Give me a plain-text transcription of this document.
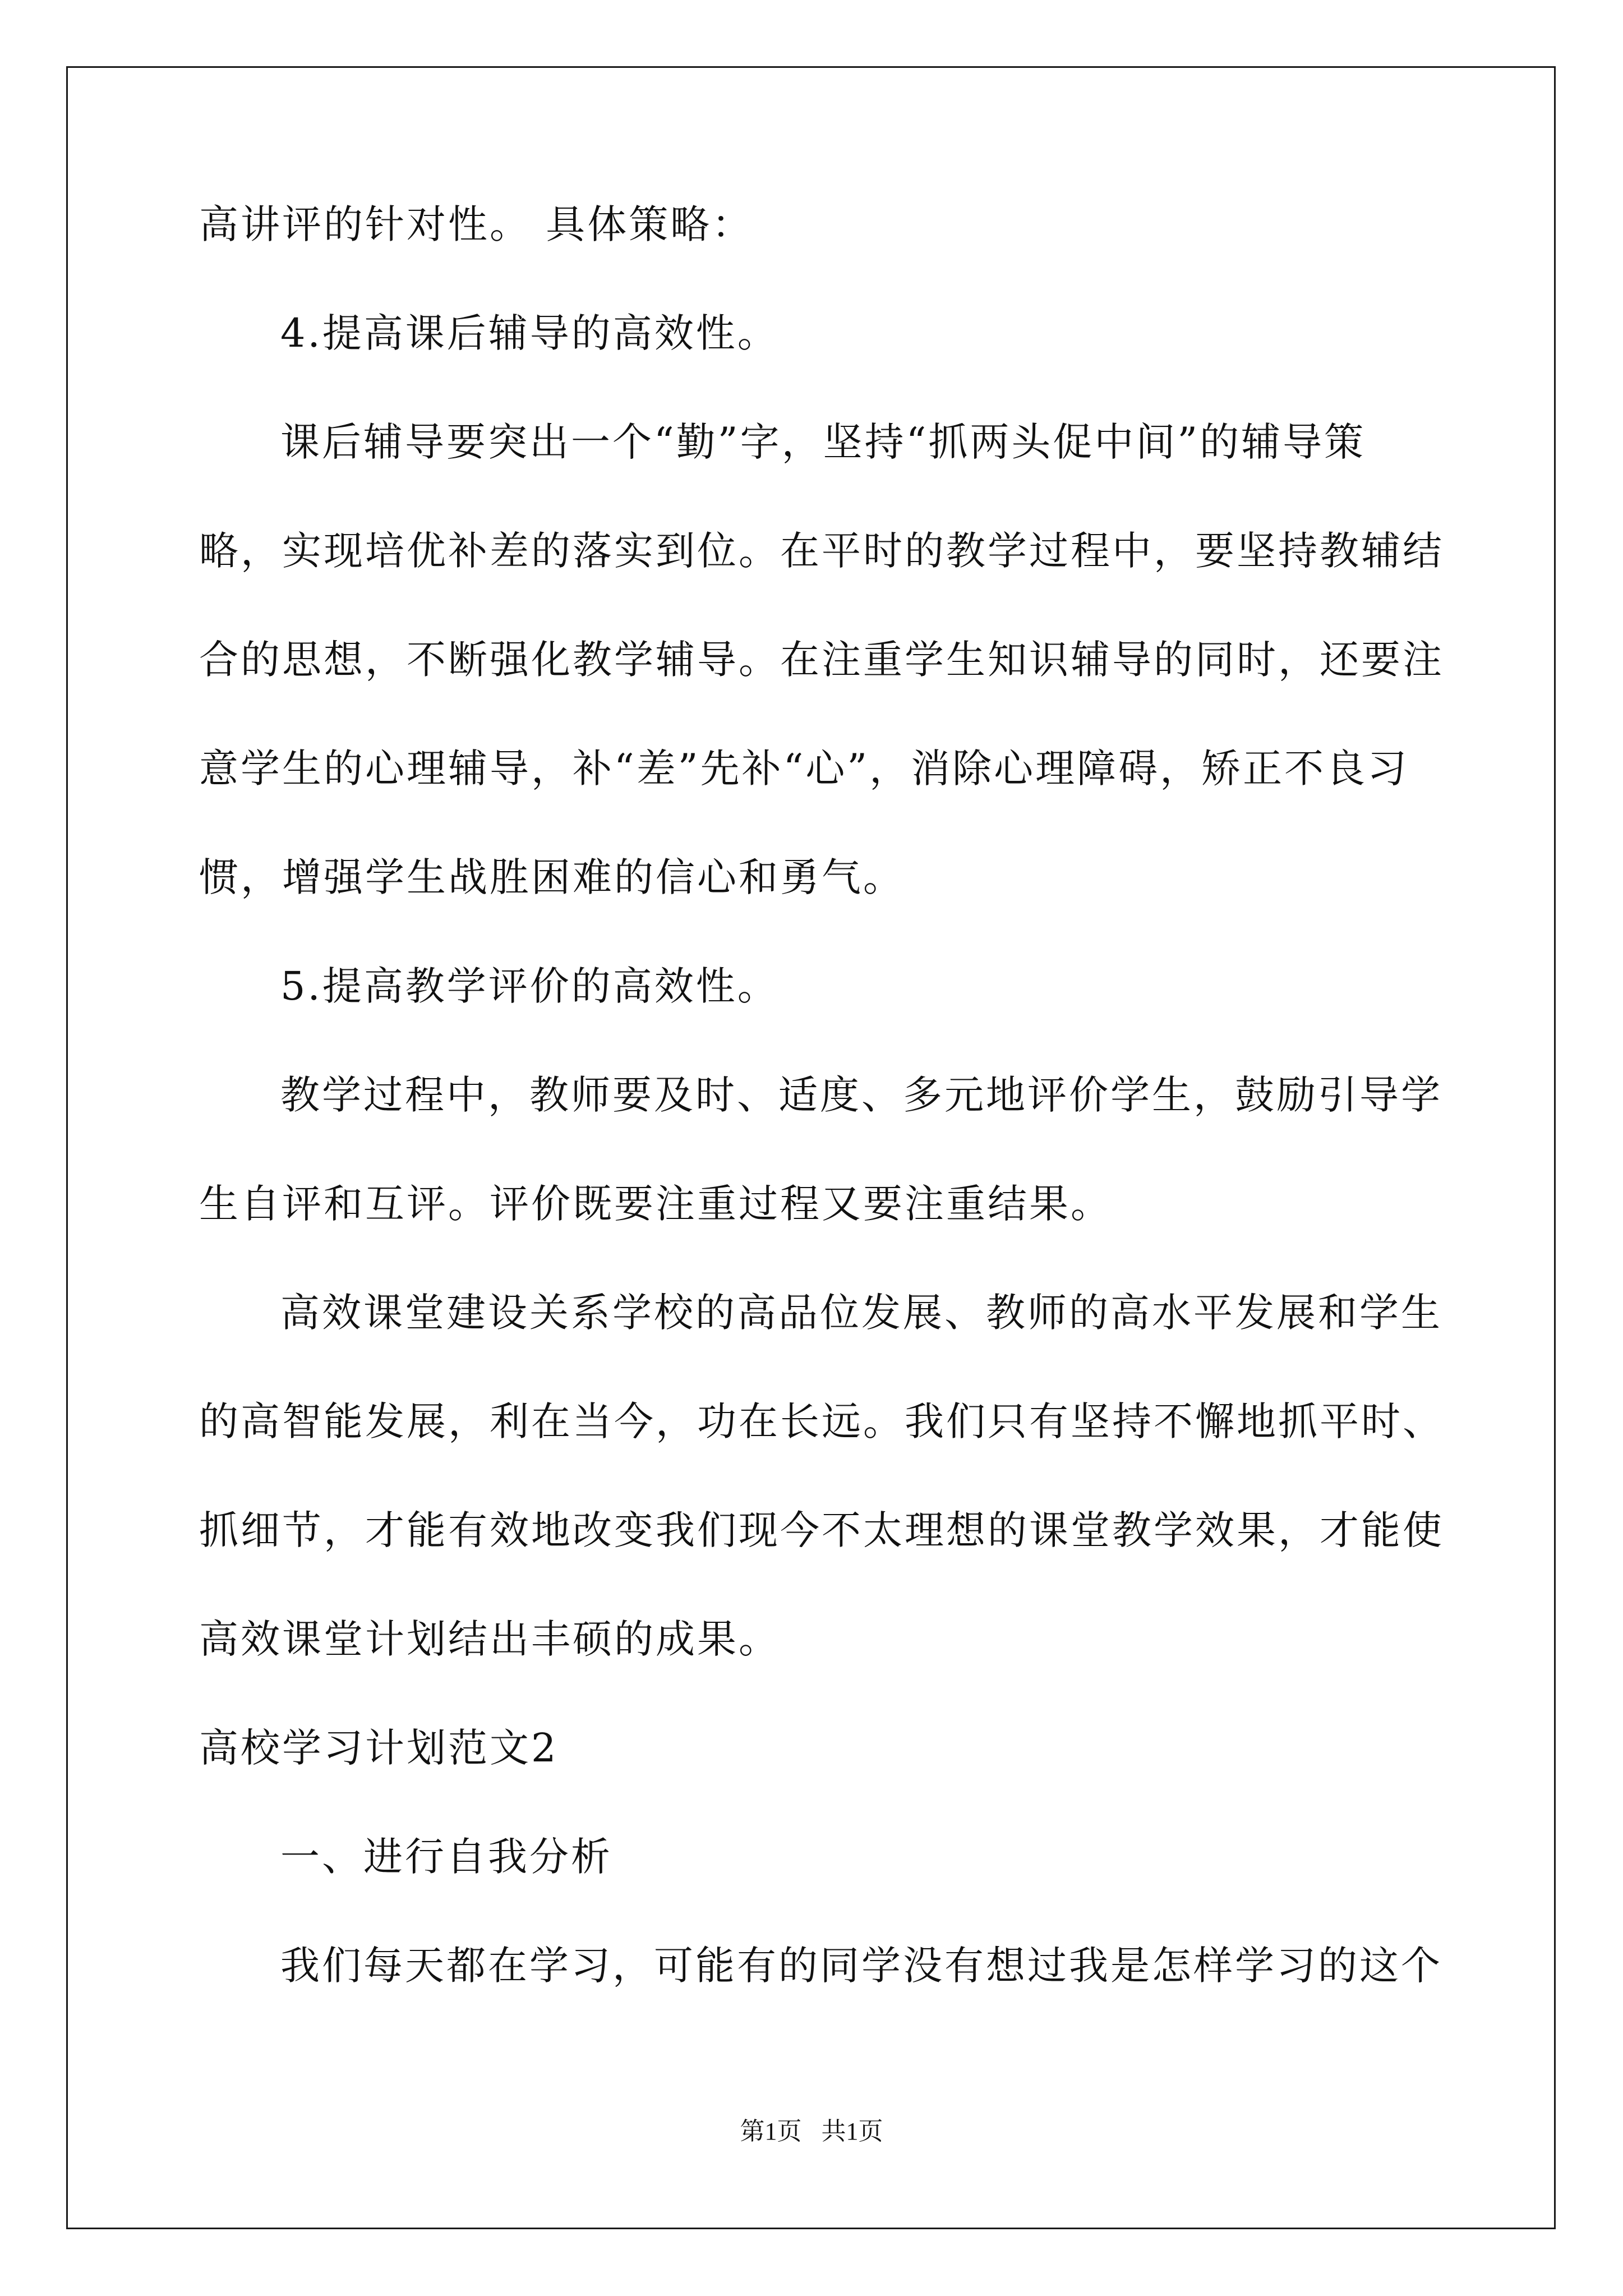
高讲评的针对性。 具体策略：

4.提高课后辅导的高效性。

课后辅导要突出一个“勤”字，坚持“抓两头促中间”的辅导策

略，实现培优补差的落实到位。在平时的教学过程中，要坚持教辅结

合的思想，不断强化教学辅导。在注重学生知识辅导的同时，还要注

意学生的心理辅导，补“差”先补“心”，消除心理障碍，矫正不良习

惯，增强学生战胜困难的信心和勇气。

5.提高教学评价的高效性。

教学过程中，教师要及时、适度、多元地评价学生，鼓励引导学

生自评和互评。评价既要注重过程又要注重结果。

高效课堂建设关系学校的高品位发展、教师的高水平发展和学生

的高智能发展，利在当今，功在长远。我们只有坚持不懈地抓平时、

抓细节，才能有效地改变我们现今不太理想的课堂教学效果，才能使

高效课堂计划结出丰硕的成果。

高校学习计划范文2

一、进行自我分析

我们每天都在学习，可能有的同学没有想过我是怎样学习的这个

第1页 共1页
